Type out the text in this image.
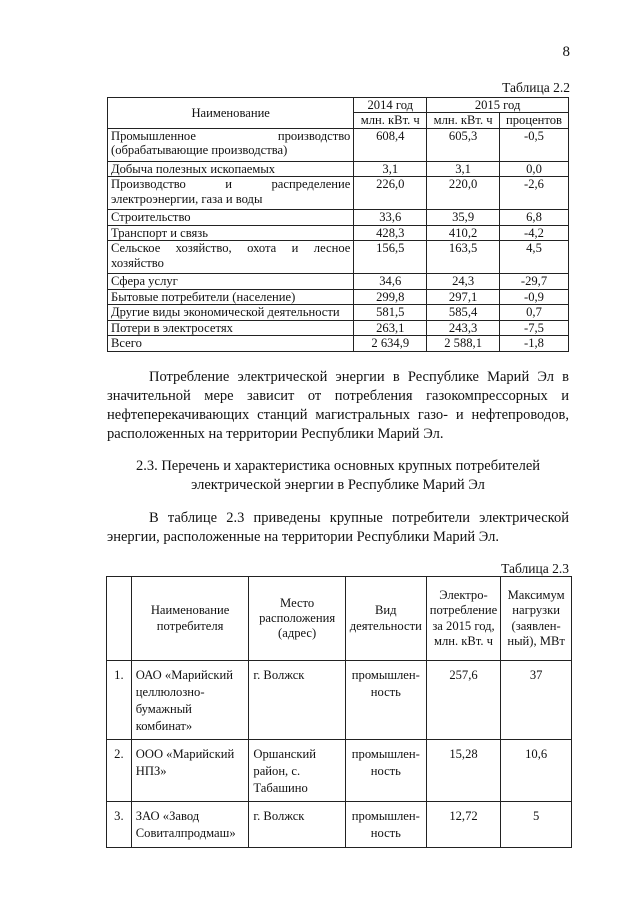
8
Таблица 2.2
Наименование	2014 год	2015 год	
	млн. кВт. ч	млн. кВт. ч	процентов
Промышленное производство (обрабатывающие производства)	608,4	605,3	-0,5
Добыча полезных ископаемых	3,1	3,1	0,0
Производство и распределение электроэнергии, газа и воды	226,0	220,0	-2,6
Строительство	33,6	35,9	6,8
Транспорт и связь	428,3	410,2	-4,2
Сельское хозяйство, охота и лесное хозяйство	156,5	163,5	4,5
Сфера услуг	34,6	24,3	-29,7
Бытовые потребители (население)	299,8	297,1	-0,9
Другие виды экономической деятельности	581,5	585,4	0,7
Потери в электросетях	263,1	243,3	-7,5
Всего	2 634,9	2 588,1	-1,8
Потребление электрической энергии в Республике Марий Эл в значительной мере зависит от потребления газокомпрессорных и нефтеперекачивающих станций магистральных газо- и нефтепроводов, расположенных на территории Республики Марий Эл.
2.3. Перечень и характеристика основных крупных потребителей электрической энергии в Республике Марий Эл
В таблице 2.3 приведены крупные потребители электрической энергии, расположенные на территории Республики Марий Эл.
Таблица 2.3
	Наименование потребителя	Место расположения (адрес)	Вид деятельности	Электро-потребление за 2015 год, млн. кВт. ч	Максимум нагрузки (заявлен-ный), МВт
1.	ОАО «Марийский целлюлозно-бумажный комбинат»	г. Волжск	промышлен-ность	257,6	37
2.	ООО «Марийский НПЗ»	Оршанский район, с. Табашино	промышлен-ность	15,28	10,6
3.	ЗАО «Завод Совиталпродмаш»	г. Волжск	промышлен-ность	12,72	5
